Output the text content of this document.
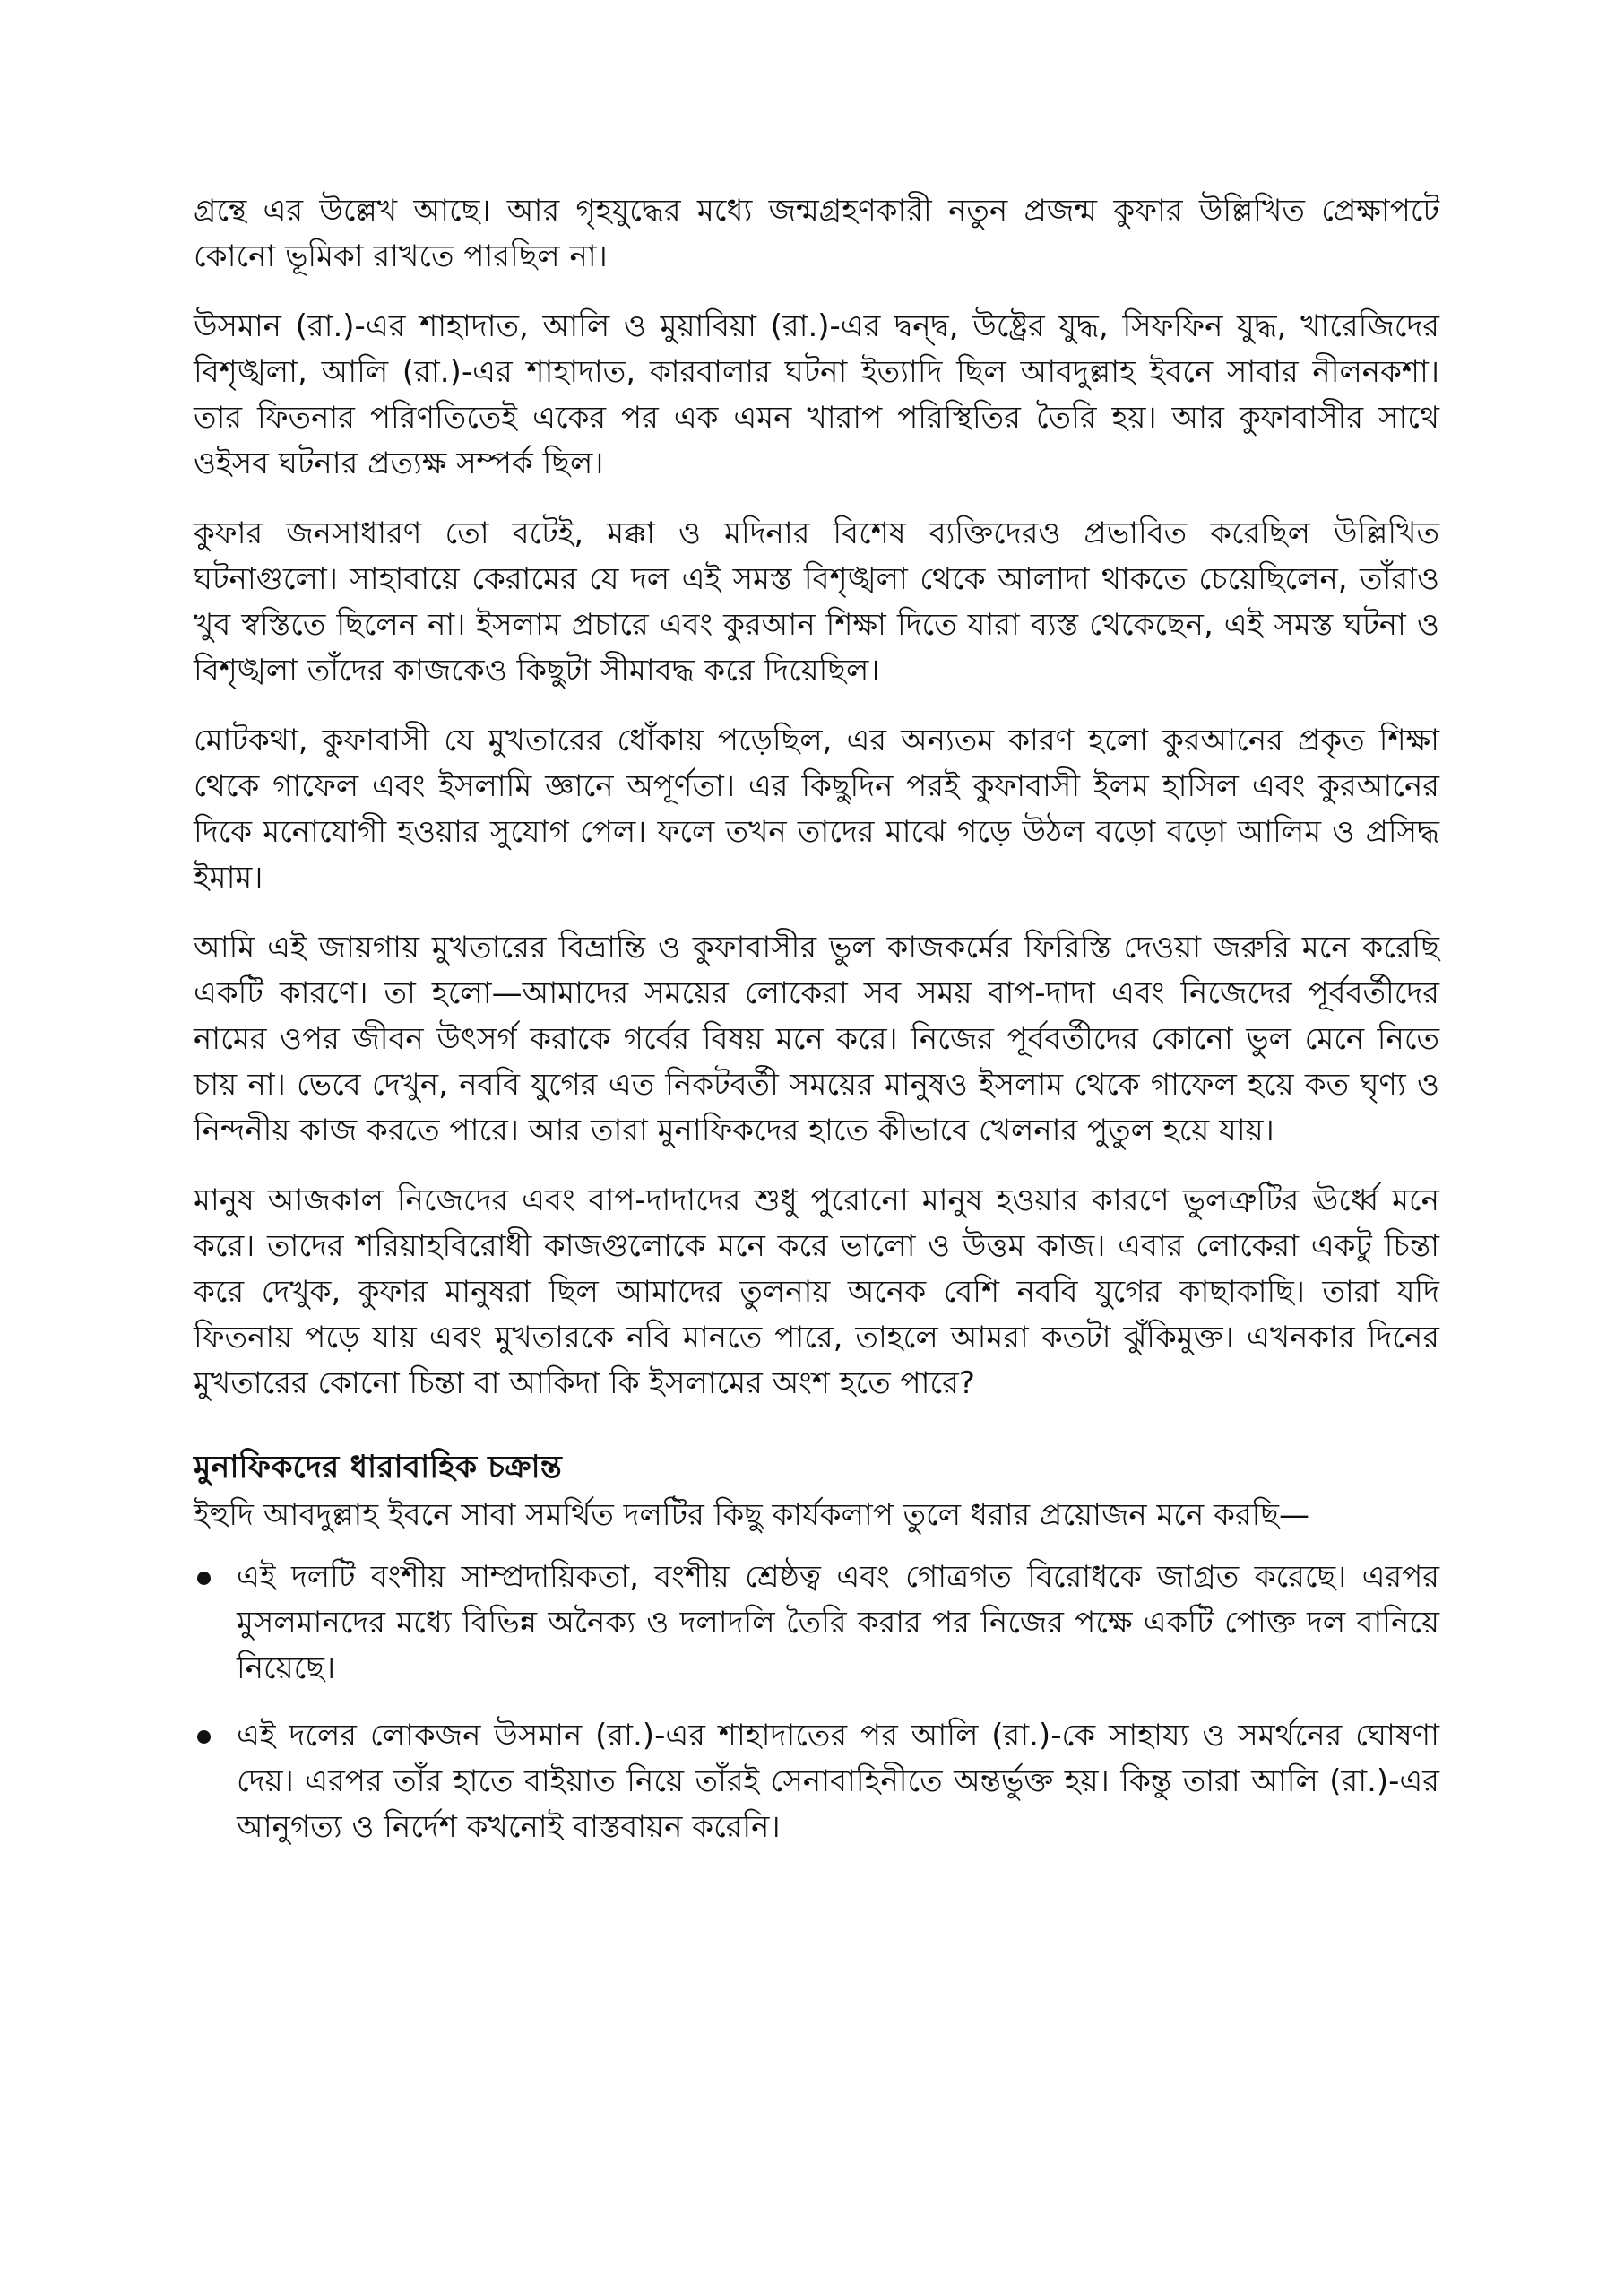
গ্রন্থে এর উল্লেখ আছে। আর গৃহযুদ্ধের মধ্যে জন্মগ্রহণকারী নতুন প্রজন্ম কুফার উল্লিখিত প্রেক্ষাপটে কোনো ভূমিকা রাখতে পারছিল না।

উসমান (রা.)-এর শাহাদাত, আলি ও মুয়াবিয়া (রা.)-এর দ্বন্দ্ব, উষ্ট্রের যুদ্ধ, সিফফিন যুদ্ধ, খারেজিদের বিশৃঙ্খলা, আলি (রা.)-এর শাহাদাত, কারবালার ঘটনা ইত্যাদি ছিল আবদুল্লাহ ইবনে সাবার নীলনকশা। তার ফিতনার পরিণতিতেই একের পর এক এমন খারাপ পরিস্থিতির তৈরি হয়। আর কুফাবাসীর সাথে ওইসব ঘটনার প্রত্যক্ষ সম্পর্ক ছিল।

কুফার জনসাধারণ তো বটেই, মক্কা ও মদিনার বিশেষ ব্যক্তিদেরও প্রভাবিত করেছিল উল্লিখিত ঘটনাগুলো। সাহাবায়ে কেরামের যে দল এই সমস্ত বিশৃঙ্খলা থেকে আলাদা থাকতে চেয়েছিলেন, তাঁরাও খুব স্বস্তিতে ছিলেন না। ইসলাম প্রচারে এবং কুরআন শিক্ষা দিতে যারা ব্যস্ত থেকেছেন, এই সমস্ত ঘটনা ও বিশৃঙ্খলা তাঁদের কাজকেও কিছুটা সীমাবদ্ধ করে দিয়েছিল।

মোটকথা, কুফাবাসী যে মুখতারের ধোঁকায় পড়েছিল, এর অন্যতম কারণ হলো কুরআনের প্রকৃত শিক্ষা থেকে গাফেল এবং ইসলামি জ্ঞানে অপূর্ণতা। এর কিছুদিন পরই কুফাবাসী ইলম হাসিল এবং কুরআনের দিকে মনোযোগী হওয়ার সুযোগ পেল। ফলে তখন তাদের মাঝে গড়ে উঠল বড়ো বড়ো আলিম ও প্রসিদ্ধ ইমাম।

আমি এই জায়গায় মুখতারের বিভ্রান্তি ও কুফাবাসীর ভুল কাজকর্মের ফিরিস্তি দেওয়া জরুরি মনে করেছি একটি কারণে। তা হলো—আমাদের সময়ের লোকেরা সব সময় বাপ-দাদা এবং নিজেদের পূর্ববর্তীদের নামের ওপর জীবন উৎসর্গ করাকে গর্বের বিষয় মনে করে। নিজের পূর্ববর্তীদের কোনো ভুল মেনে নিতে চায় না। ভেবে দেখুন, নববি যুগের এত নিকটবর্তী সময়ের মানুষও ইসলাম থেকে গাফেল হয়ে কত ঘৃণ্য ও নিন্দনীয় কাজ করতে পারে। আর তারা মুনাফিকদের হাতে কীভাবে খেলনার পুতুল হয়ে যায়।

মানুষ আজকাল নিজেদের এবং বাপ-দাদাদের শুধু পুরোনো মানুষ হওয়ার কারণে ভুলত্রুটির ঊর্ধ্বে মনে করে। তাদের শরিয়াহবিরোধী কাজগুলোকে মনে করে ভালো ও উত্তম কাজ। এবার লোকেরা একটু চিন্তা করে দেখুক, কুফার মানুষরা ছিল আমাদের তুলনায় অনেক বেশি নববি যুগের কাছাকাছি। তারা যদি ফিতনায় পড়ে যায় এবং মুখতারকে নবি মানতে পারে, তাহলে আমরা কতটা ঝুঁকিমুক্ত। এখনকার দিনের মুখতারের কোনো চিন্তা বা আকিদা কি ইসলামের অংশ হতে পারে?

মুনাফিকদের ধারাবাহিক চক্রান্ত

ইহুদি আবদুল্লাহ ইবনে সাবা সমর্থিত দলটির কিছু কার্যকলাপ তুলে ধরার প্রয়োজন মনে করছি—

এই দলটি বংশীয় সাম্প্রদায়িকতা, বংশীয় শ্রেষ্ঠত্ব এবং গোত্রগত বিরোধকে জাগ্রত করেছে। এরপর মুসলমানদের মধ্যে বিভিন্ন অনৈক্য ও দলাদলি তৈরি করার পর নিজের পক্ষে একটি পোক্ত দল বানিয়ে নিয়েছে।
এই দলের লোকজন উসমান (রা.)-এর শাহাদাতের পর আলি (রা.)-কে সাহায্য ও সমর্থনের ঘোষণা দেয়। এরপর তাঁর হাতে বাইয়াত নিয়ে তাঁরই সেনাবাহিনীতে অন্তর্ভুক্ত হয়। কিন্তু তারা আলি (রা.)-এর আনুগত্য ও নির্দেশ কখনোই বাস্তবায়ন করেনি।
